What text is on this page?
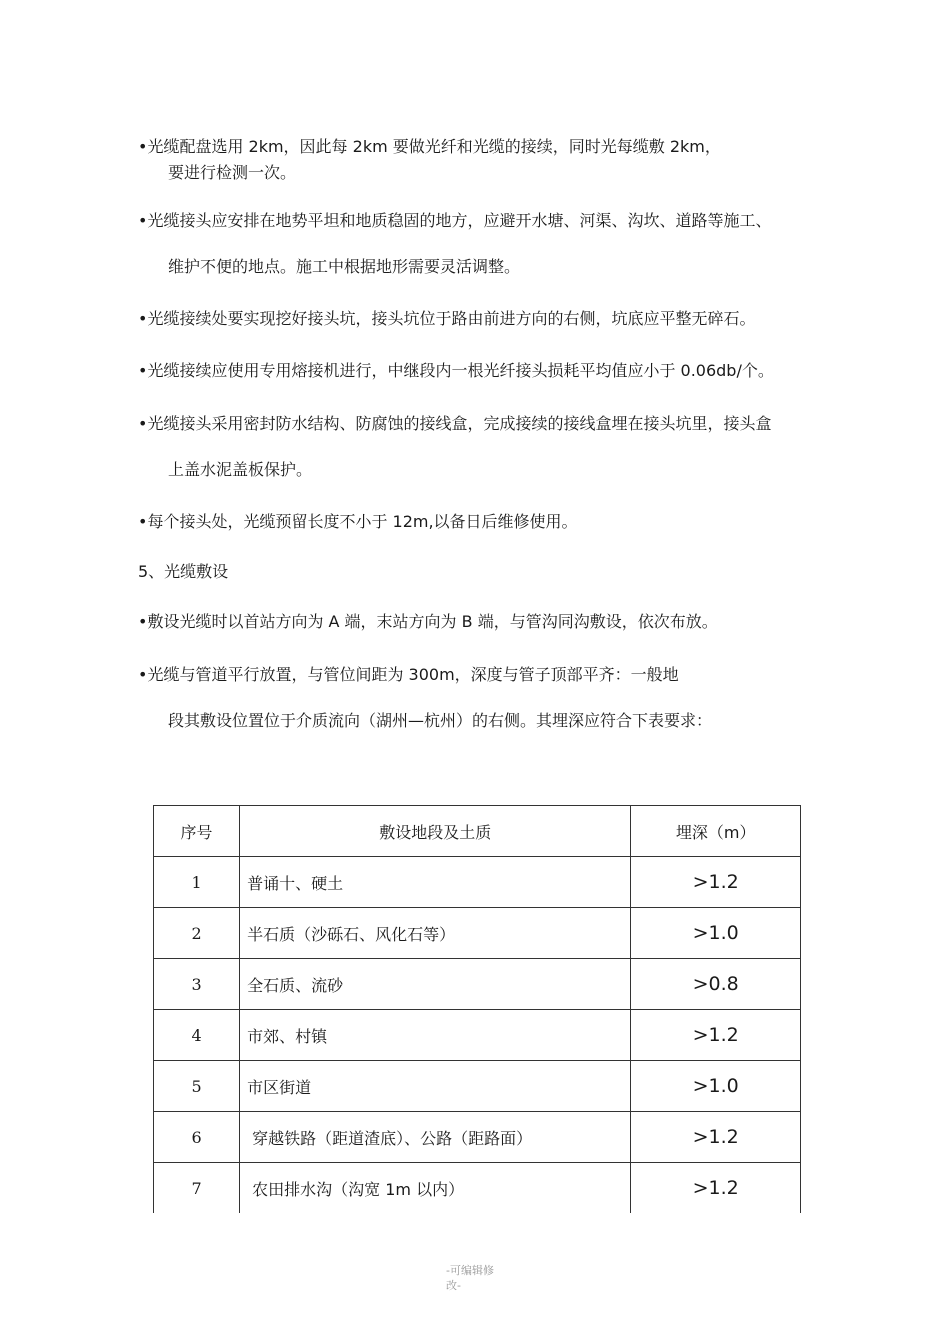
•光缆配盘选用 2km，因此每 2km 要做光纤和光缆的接续，同时光每缆敷 2km，
要进行检测一次。
•光缆接头应安排在地势平坦和地质稳固的地方，应避开水塘、河渠、沟坎、道路等施工、
维护不便的地点。施工中根据地形需要灵活调整。
•光缆接续处要实现挖好接头坑，接头坑位于路由前进方向的右侧，坑底应平整无碎石。
•光缆接续应使用专用熔接机进行，中继段内一根光纤接头损耗平均值应小于 0.06db/个。
•光缆接头采用密封防水结构、防腐蚀的接线盒，完成接续的接线盒埋在接头坑里，接头盒
上盖水泥盖板保护。
•每个接头处，光缆预留长度不小于 12m,以备日后维修使用。
5、光缆敷设
•敷设光缆时以首站方向为 A 端，末站方向为 B 端，与管沟同沟敷设，依次布放。
•光缆与管道平行放置，与管位间距为 300m，深度与管子顶部平齐：一般地
段其敷设位置位于介质流向（湖州—杭州）的右侧。其埋深应符合下表要求：
序号	敷设地段及土质	埋深（m）
1	普诵十、硬土	>1.2
2	半石质（沙砾石、风化石等）	>1.0
3	全石质、流砂	>0.8
4	市郊、村镇	>1.2
5	市区街道	>1.0
6	穿越铁路（距道渣底）、公路（距路面）	>1.2
7	农田排水沟（沟宽 1m 以内）	>1.2
-可编辑修
改-
